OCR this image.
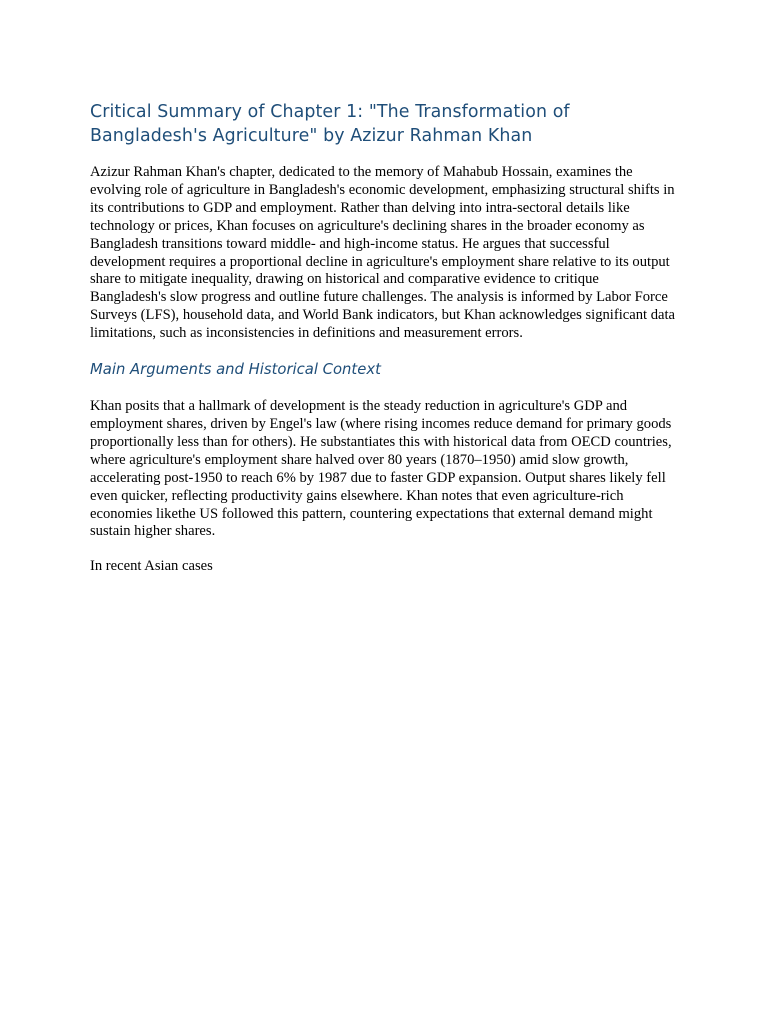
Critical Summary of Chapter 1: "The Transformation of Bangladesh's Agriculture" by Azizur Rahman Khan

Azizur Rahman Khan's chapter, dedicated to the memory of Mahabub Hossain, examines the evolving role of agriculture in Bangladesh's economic development, emphasizing structural shifts in its contributions to GDP and employment. Rather than delving into intra-sectoral details like technology or prices, Khan focuses on agriculture's declining shares in the broader economy as Bangladesh transitions toward middle- and high-income status. He argues that successful development requires a proportional decline in agriculture's employment share relative to its output share to mitigate inequality, drawing on historical and comparative evidence to critique Bangladesh's slow progress and outline future challenges. The analysis is informed by Labor Force Surveys (LFS), household data, and World Bank indicators, but Khan acknowledges significant data limitations, such as inconsistencies in definitions and measurement errors.

Main Arguments and Historical Context

Khan posits that a hallmark of development is the steady reduction in agriculture's GDP and employment shares, driven by Engel's law (where rising incomes reduce demand for primary goods proportionally less than for others). He substantiates this with historical data from OECD countries, where agriculture's employment share halved over 80 years (1870–1950) amid slow growth, accelerating post-1950 to reach 6% by 1987 due to faster GDP expansion. Output shares likely fell even quicker, reflecting productivity gains elsewhere. Khan notes that even agriculture-rich economies likethe US followed this pattern, countering expectations that external demand might sustain higher shares.

In recent Asian cases
